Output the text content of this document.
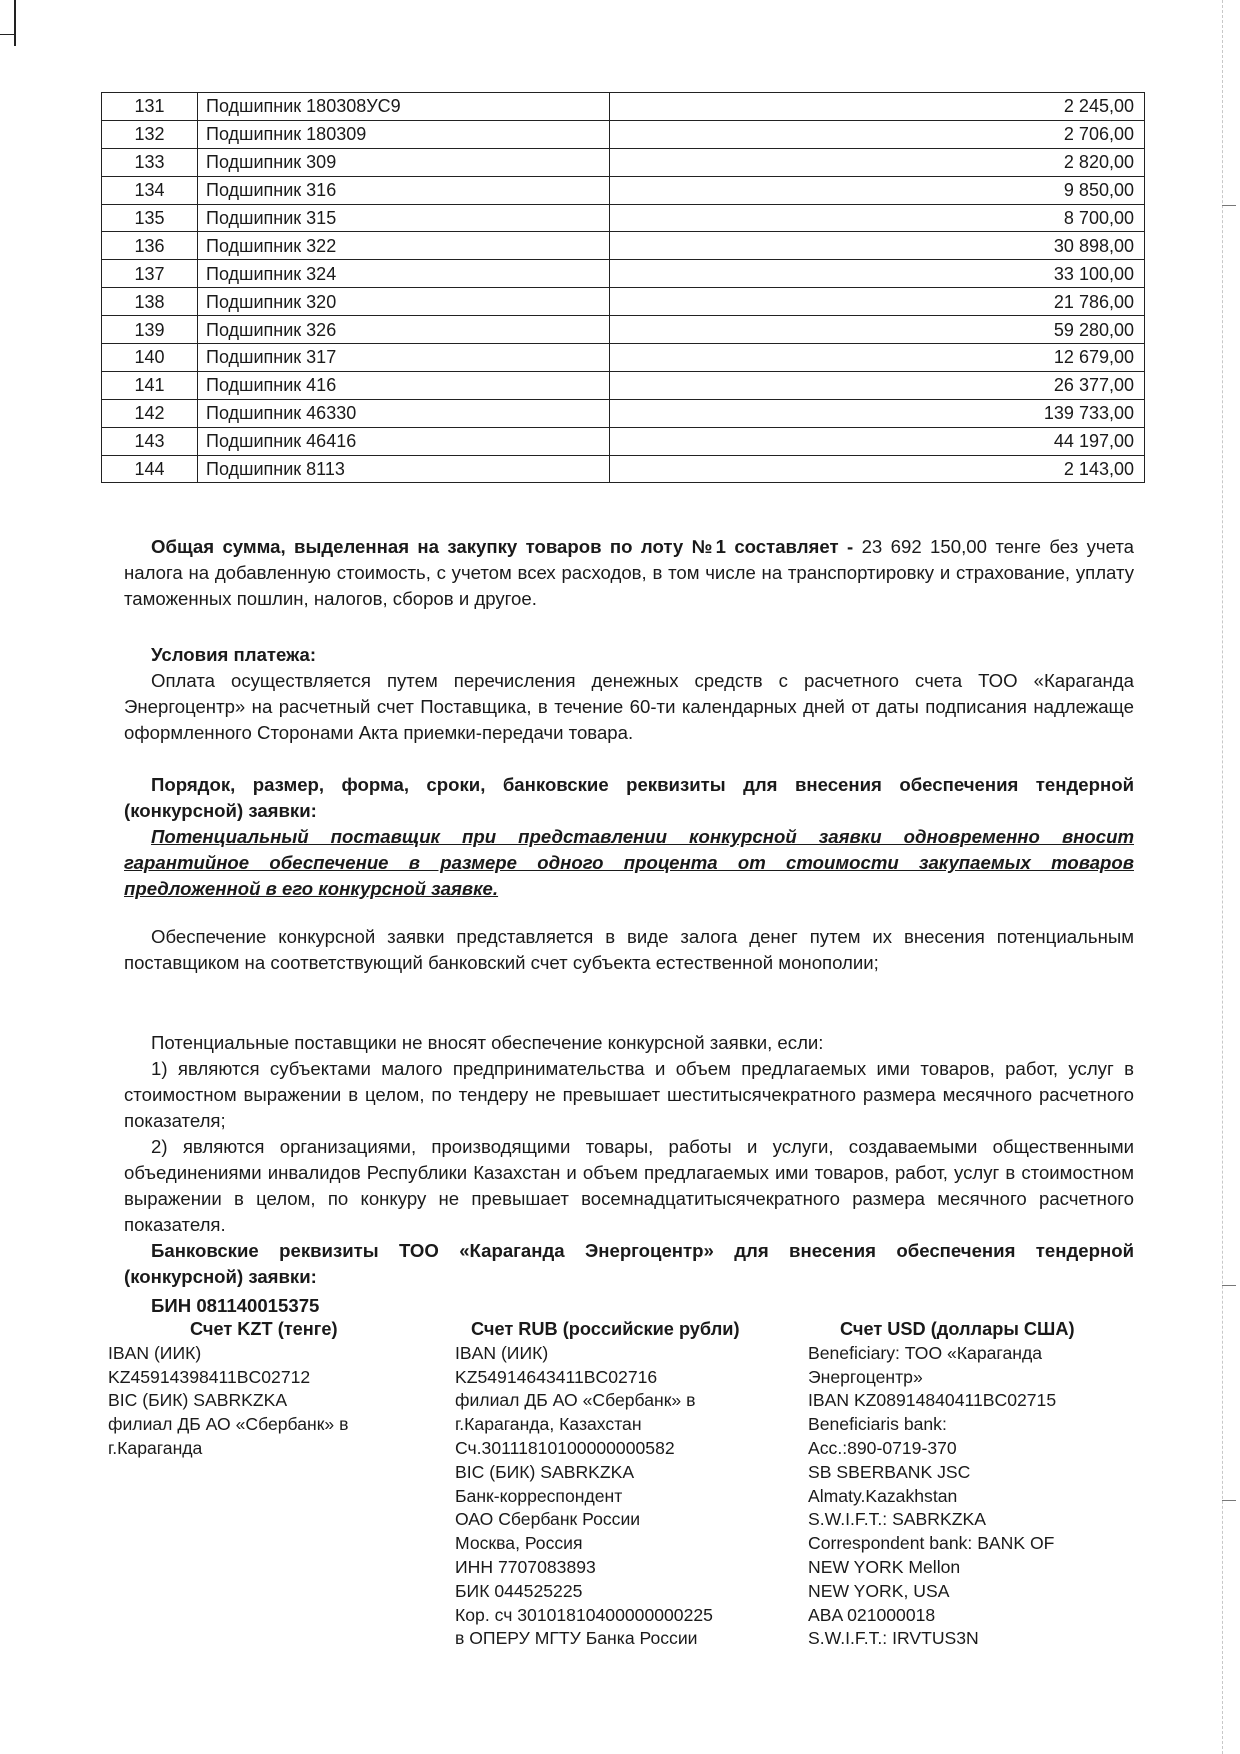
131	Подшипник 180308УС9	2 245,00
132	Подшипник 180309	2 706,00
133	Подшипник 309	2 820,00
134	Подшипник 316	9 850,00
135	Подшипник 315	8 700,00
136	Подшипник 322	30 898,00
137	Подшипник 324	33 100,00
138	Подшипник 320	21 786,00
139	Подшипник 326	59 280,00
140	Подшипник 317	12 679,00
141	Подшипник 416	26 377,00
142	Подшипник 46330	139 733,00
143	Подшипник 46416	44 197,00
144	Подшипник 8113	2 143,00

Общая сумма, выделенная на закупку товаров по лоту №1 составляет - 23 692 150,00 тенге без учета налога на добавленную стоимость, с учетом всех расходов, в том числе на транспортировку и страхование, уплату таможенных пошлин, налогов, сборов и другое.

Условия платежа:

Оплата осуществляется путем перечисления денежных средств с расчетного счета ТОО «Караганда Энергоцентр» на расчетный счет Поставщика, в течение 60-ти календарных дней от даты подписания надлежаще оформленного Сторонами Акта приемки-передачи товара.

Порядок, размер, форма, сроки, банковские реквизиты для внесения обеспечения тендерной (конкурсной) заявки:

Потенциальный поставщик при представлении конкурсной заявки одновременно вносит гарантийное обеспечение в размере одного процента от стоимости закупаемых товаров предложенной в его конкурсной заявке.

Обеспечение конкурсной заявки представляется в виде залога денег путем их внесения потенциальным поставщиком на соответствующий банковский счет субъекта естественной монополии;

Потенциальные поставщики не вносят обеспечение конкурсной заявки, если:

1) являются субъектами малого предпринимательства и объем предлагаемых ими товаров, работ, услуг в стоимостном выражении в целом, по тендеру не превышает шеститысячекратного размера месячного расчетного показателя;

2) являются организациями, производящими товары, работы и услуги, создаваемыми общественными объединениями инвалидов Республики Казахстан и объем предлагаемых ими товаров, работ, услуг в стоимостном выражении в целом, по конкуру не превышает восемнадцатитысячекратного размера месячного расчетного показателя.

Банковские реквизиты ТОО «Караганда Энергоцентр» для внесения обеспечения тендерной (конкурсной) заявки:

БИН 081140015375
Счет KZT (тенге)
IBAN (ИИК)
KZ45914398411BC02712
BIC (БИК) SABRKZKA
филиал ДБ АО «Сбербанк» в
г.Караганда
Счет RUB (российские рубли)
IBAN (ИИК)
KZ54914643411BC02716
филиал ДБ АО «Сбербанк» в
г.Караганда, Казахстан
Сч.30111810100000000582
BIC (БИК) SABRKZKA
Банк-корреспондент
ОАО Сбербанк России
Москва, Россия
ИНН 7707083893
БИК 044525225
Кор. сч 30101810400000000225
в ОПЕРУ МГТУ Банка России
Счет USD (доллары США)
Beneficiary: ТОО «Караганда
Энергоцентр»
IBAN KZ08914840411BC02715
Beneficiaris bank:
Acc.:890-0719-370
SB SBERBANK JSC
Almaty.Kazakhstan
S.W.I.F.T.: SABRKZKA
Correspondent bank: BANK OF
NEW YORK Mellon
NEW YORK, USA
ABA 021000018
S.W.I.F.T.: IRVTUS3N
